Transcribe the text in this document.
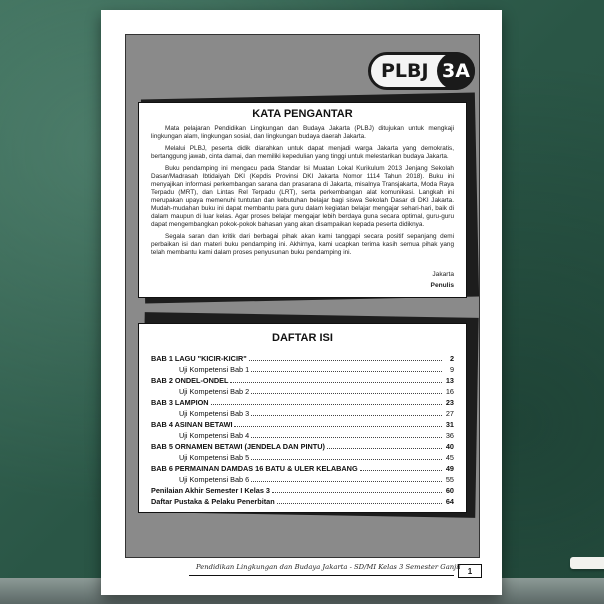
PLBJ 3A
KATA PENGANTAR

Mata pelajaran Pendidikan Lingkungan dan Budaya Jakarta (PLBJ) ditujukan untuk mengkaji lingkungan alam, lingkungan sosial, dan lingkungan budaya daerah Jakarta.

Melalui PLBJ, peserta didik diarahkan untuk dapat menjadi warga Jakarta yang demokratis, bertanggung jawab, cinta damai, dan memiliki kepedulian yang tinggi untuk melestarikan budaya Jakarta.

Buku pendamping ini mengacu pada Standar Isi Muatan Lokal Kurikulum 2013 Jenjang Sekolah Dasar/Madrasah Ibtidaiyah DKI (Kepdis Provinsi DKI Jakarta Nomor 1114 Tahun 2018). Buku ini menyajikan informasi perkembangan sarana dan prasarana di Jakarta, misalnya Transjakarta, Moda Raya Terpadu (MRT), dan Lintas Rel Terpadu (LRT), serta perkembangan alat komunikasi. Langkah ini merupakan upaya memenuhi tuntutan dan kebutuhan belajar bagi siswa Sekolah Dasar di DKI Jakarta. Mudah-mudahan buku ini dapat membantu para guru dalam kegiatan belajar mengajar sehari-hari, baik di dalam maupun di luar kelas. Agar proses belajar mengajar lebih berdaya guna secara optimal, guru-guru dapat mengembangkan pokok-pokok bahasan yang akan disampaikan kepada peserta didiknya.

Segala saran dan kritik dari berbagai pihak akan kami tanggapi secara positif sepanjang demi perbaikan isi dan materi buku pendamping ini. Akhirnya, kami ucapkan terima kasih semua pihak yang telah membantu kami dalam proses penyusunan buku pendamping ini.

Jakarta
Penulis
DAFTAR ISI
BAB 1 LAGU "KICIR-KICIR"	2
Uji Kompetensi Bab 1	9
BAB 2 ONDEL-ONDEL	13
Uji Kompetensi Bab 2	16
BAB 3 LAMPION	23
Uji Kompetensi Bab 3	27
BAB 4 ASINAN BETAWI	31
Uji Kompetensi Bab 4	36
BAB 5 ORNAMEN BETAWI (JENDELA DAN PINTU)	40
Uji Kompetensi Bab 5	45
BAB 6 PERMAINAN DAMDAS 16 BATU & ULER KELABANG	49
Uji Kompetensi Bab 6	55
Penilaian Akhir Semester I Kelas 3	60
Daftar Pustaka & Pelaku Penerbitan	64
Pendidikan Lingkungan dan Budaya Jakarta - SD/MI Kelas 3 Semester Ganjil 1
